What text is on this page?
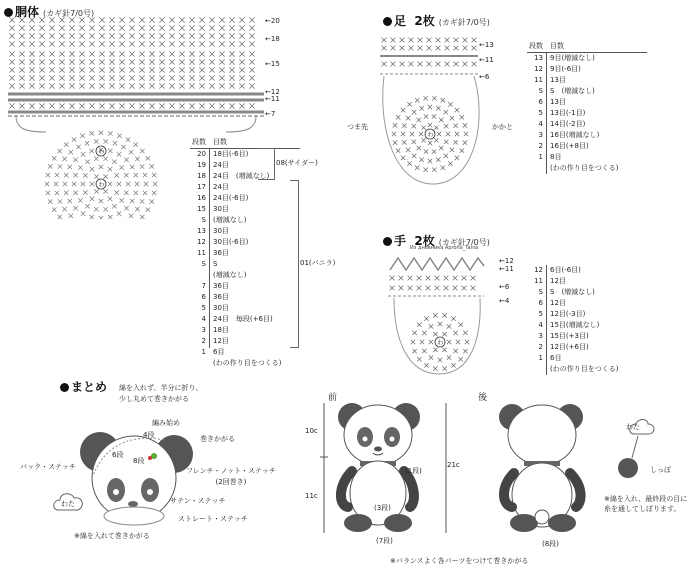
胴体 (カギ針7/0号)
わ
わ
←20
←18
←15
←12
←11
←7
段数	目数
20	18目(-6目)
19	24目
18	24目　(増減なし)
17	24目
16	24目(-6目)
15	30目
S	(増減なし)
13	30目
12	30目(-6目)
11	36目
S	S
(増減なし)
7	36目
6	36目
5	30目
4	24目　毎段(+6目)
3	18目
2	12目
1	6目
(わの作り目をつくる)
08(サイダー)
01(バニラ)
足 2枚 (カギ針7/0号)
わ
←13
←11
←6
つま先	かかと
段数	目数
13	9目(増減なし)
12	9目(-6目)
11	13目
S	S　(増減なし)
6	13目
5	13目(-1目)
4	14目(-2目)
3	16目(増減なし)
2	16目(+8目)
1	8目
(わの作り目をつくる)
手 2枚 (カギ針7/0号)
Из дневника Aprona_Tania
わ
←12
←11
←6
←4
12	6目(-6目)
11	12目
S	S　(増減なし)
6	12目
5	12目(-3目)
4	15目(増減なし)
3	15目(+3目)
2	12目(+6目)
1	6目
(わの作り目をつくる)
まとめ 綿を入れず、半分に折り、
少し丸めて巻きかがる
編み始め
4段
8段
6段
巻きかがる
バック・ステッチ	フレンチ・ノット・ステッチ
(2回巻き)
サテン・ステッチ
ストレート・ステッチ
わた
※綿を入れて巻きかがる
前	後
10c
11c
(1段)
(3段)
(7段)
21c
(8段)
わた
しっぽ
※綿を入れ、最終段の目に
糸を通してしぼります。
※バランスよく各パーツをつけて巻きかがる
